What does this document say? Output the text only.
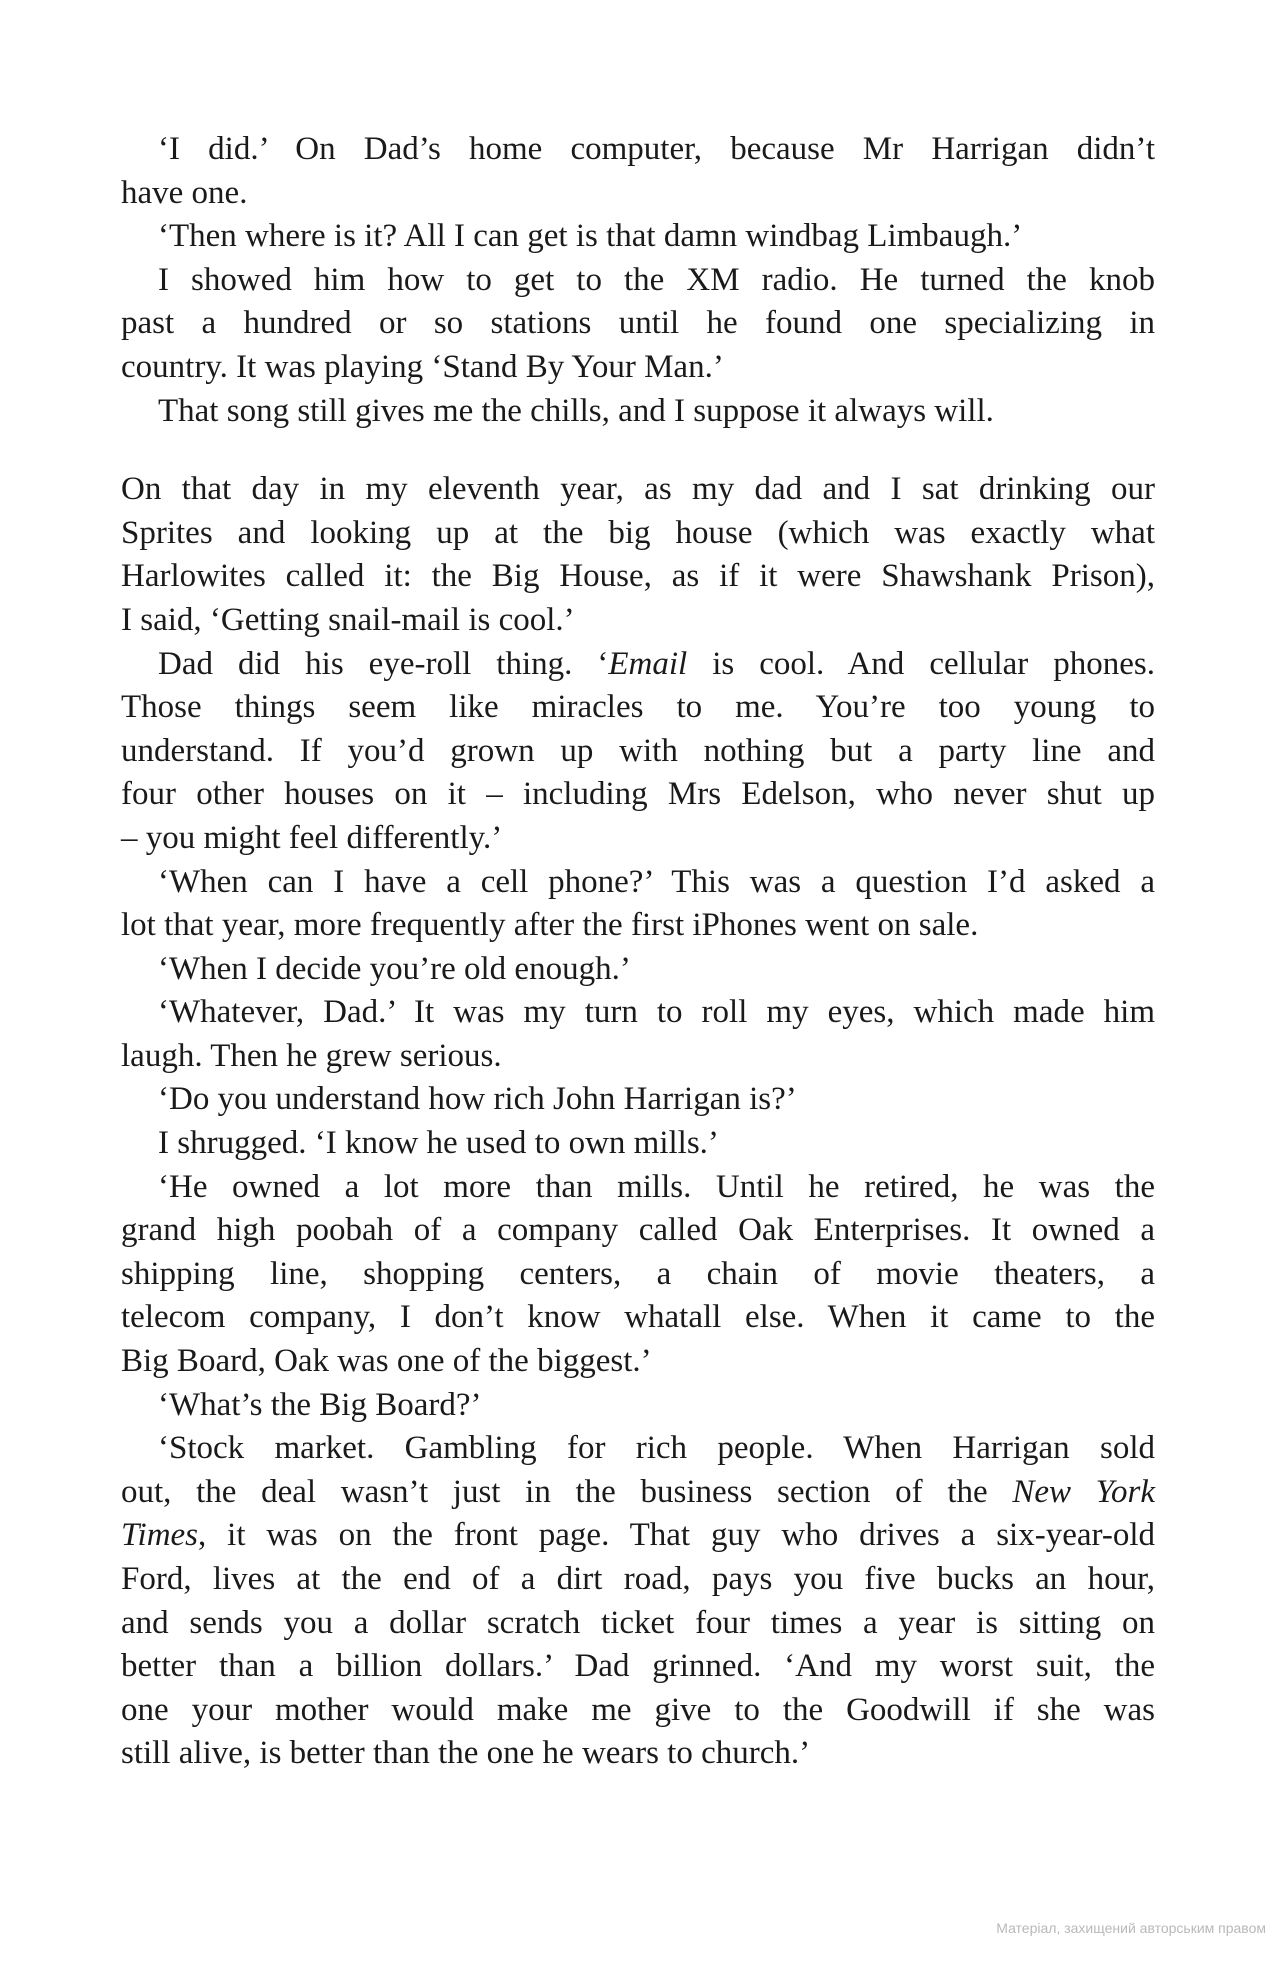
‘I did.’ On Dad’s home computer, because Mr Harrigan didn’t
have one.
‘Then where is it? All I can get is that damn windbag Limbaugh.’
I showed him how to get to the XM radio. He turned the knob
past a hundred or so stations until he found one specializing in
country. It was playing ‘Stand By Your Man.’
That song still gives me the chills, and I suppose it always will.
On that day in my eleventh year, as my dad and I sat drinking our
Sprites and looking up at the big house (which was exactly what
Harlowites called it: the Big House, as if it were Shawshank Prison),
I said, ‘Getting snail-mail is cool.’
Dad did his eye-roll thing. ‘Email is cool. And cellular phones.
Those things seem like miracles to me. You’re too young to
understand. If you’d grown up with nothing but a party line and
four other houses on it – including Mrs Edelson, who never shut up
– you might feel differently.’
‘When can I have a cell phone?’ This was a question I’d asked a
lot that year, more frequently after the first iPhones went on sale.
‘When I decide you’re old enough.’
‘Whatever, Dad.’ It was my turn to roll my eyes, which made him
laugh. Then he grew serious.
‘Do you understand how rich John Harrigan is?’
I shrugged. ‘I know he used to own mills.’
‘He owned a lot more than mills. Until he retired, he was the
grand high poobah of a company called Oak Enterprises. It owned a
shipping line, shopping centers, a chain of movie theaters, a
telecom company, I don’t know whatall else. When it came to the
Big Board, Oak was one of the biggest.’
‘What’s the Big Board?’
‘Stock market. Gambling for rich people. When Harrigan sold
out, the deal wasn’t just in the business section of the New York
Times, it was on the front page. That guy who drives a six-year-old
Ford, lives at the end of a dirt road, pays you five bucks an hour,
and sends you a dollar scratch ticket four times a year is sitting on
better than a billion dollars.’ Dad grinned. ‘And my worst suit, the
one your mother would make me give to the Goodwill if she was
still alive, is better than the one he wears to church.’
Матеріал, захищений авторським правом
